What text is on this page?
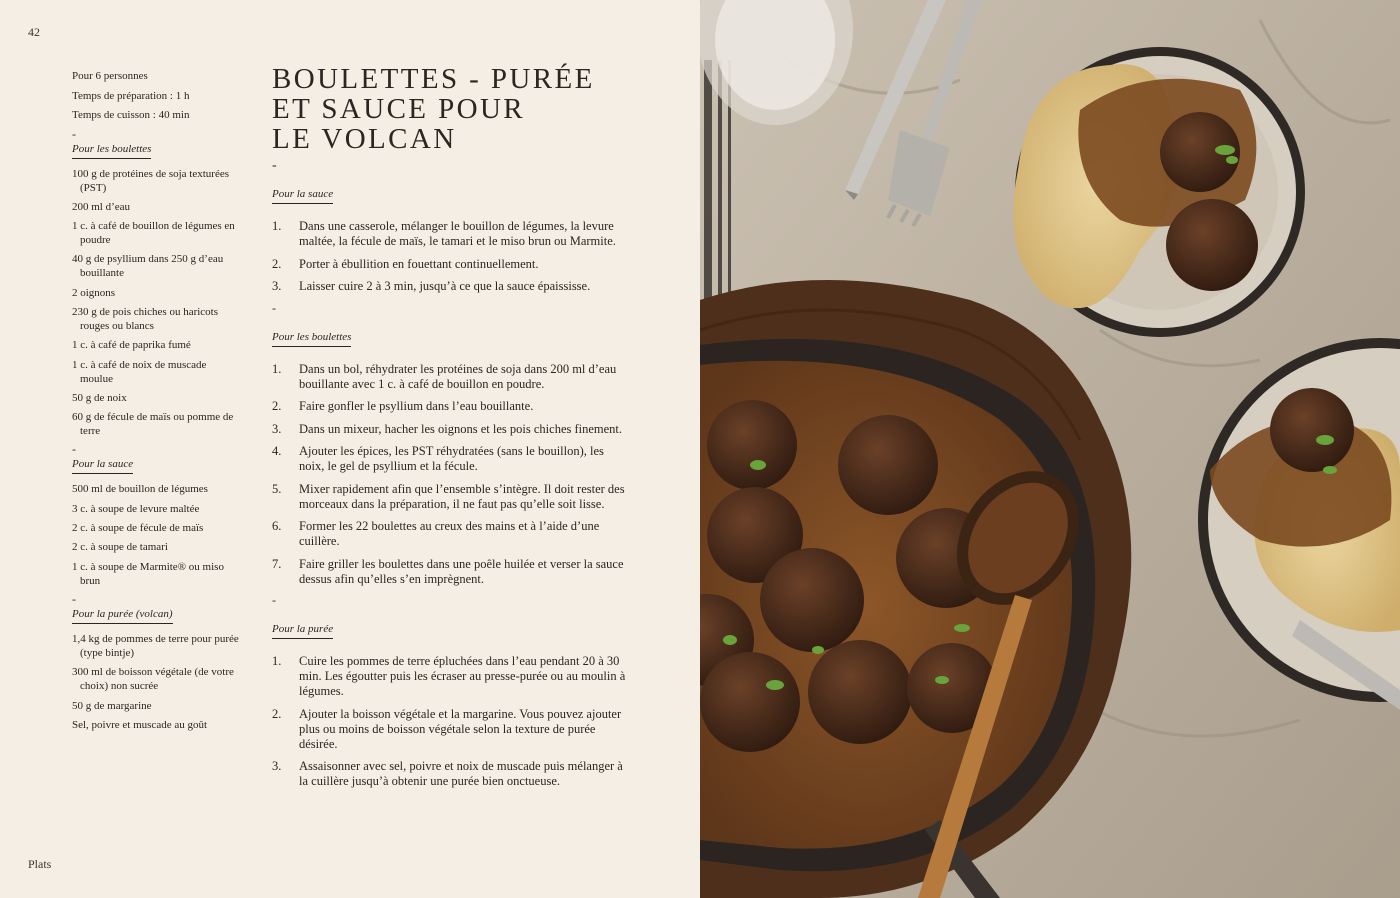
42
Pour 6 personnes
Temps de préparation : 1 h
Temps de cuisson : 40 min
-
Pour les boulettes
100 g de protéines de soja texturées (PST)
200 ml d’eau
1 c. à café de bouillon de légumes en poudre
40 g de psyllium dans 250 g d’eau bouillante
2 oignons
230 g de pois chiches ou haricots rouges ou blancs
1 c. à café de paprika fumé
1 c. à café de noix de muscade moulue
50 g de noix
60 g de fécule de maïs ou pomme de terre
-
Pour la sauce
500 ml de bouillon de légumes
3 c. à soupe de levure maltée
2 c. à soupe de fécule de maïs
2 c. à soupe de tamari
1 c. à soupe de Marmite® ou miso brun
-
Pour la purée (volcan)
1,4 kg de pommes de terre pour purée (type bintje)
300 ml de boisson végétale (de votre choix) non sucrée
50 g de margarine
Sel, poivre et muscade au goût
BOULETTES - PURÉE
ET SAUCE POUR
LE VOLCAN
-
Pour la sauce
1.	Dans une casserole, mélanger le bouillon de légumes, la levure maltée, la fécule de maïs, le tamari et le miso brun ou Marmite.
2.	Porter à ébullition en fouettant continuellement.
3.	Laisser cuire 2 à 3 min, jusqu’à ce que la sauce épaississe.
-
Pour les boulettes
1.	Dans un bol, réhydrater les protéines de soja dans 200 ml d’eau bouillante avec 1 c. à café de bouillon en poudre.
2.	Faire gonfler le psyllium dans l’eau bouillante.
3.	Dans un mixeur, hacher les oignons et les pois chiches finement.
4.	Ajouter les épices, les PST réhydratées (sans le bouillon), les noix, le gel de psyllium et la fécule.
5.	Mixer rapidement afin que l’ensemble s’intègre. Il doit rester des morceaux dans la préparation, il ne faut pas qu’elle soit lisse.
6.	Former les 22 boulettes au creux des mains et à l’aide d’une cuillère.
7.	Faire griller les boulettes dans une poêle huilée et verser la sauce dessus afin qu’elles s’en imprègnent.
-
Pour la purée
1.	Cuire les pommes de terre épluchées dans l’eau pendant 20 à 30 min. Les égoutter puis les écraser au presse-purée ou au moulin à légumes.
2.	Ajouter la boisson végétale et la margarine. Vous pouvez ajouter plus ou moins de boisson végétale selon la texture de purée désirée.
3.	Assaisonner avec sel, poivre et noix de muscade puis mélanger à la cuillère jusqu’à obtenir une purée bien onctueuse.
Plats
